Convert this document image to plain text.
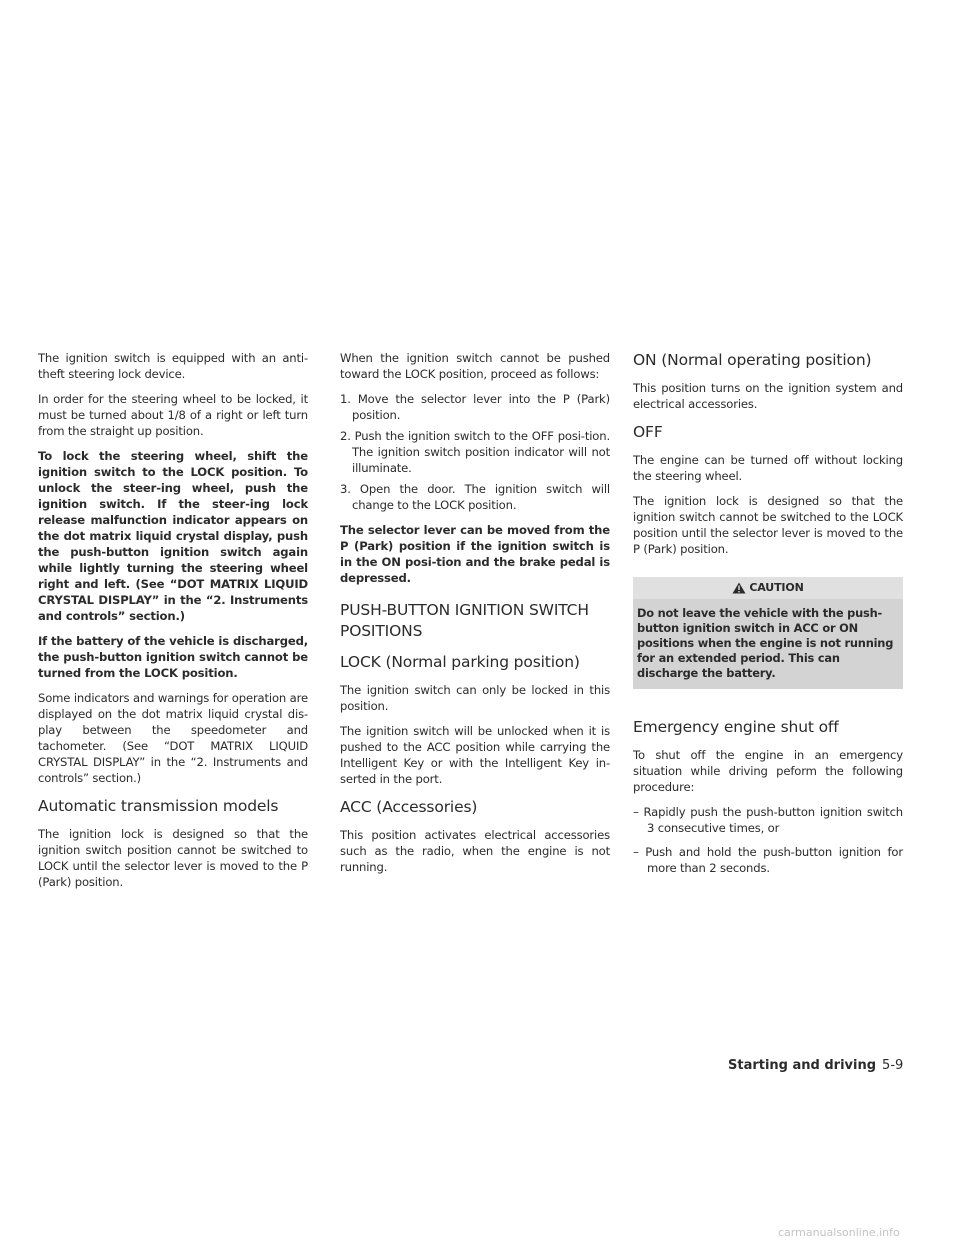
The ignition switch is equipped with an anti-theft steering lock device.

In order for the steering wheel to be locked, it must be turned about 1/8 of a right or left turn from the straight up position.

To lock the steering wheel, shift the ignition switch to the LOCK position. To unlock the steer-ing wheel, push the ignition switch. If the steer-ing lock release malfunction indicator appears on the dot matrix liquid crystal display, push the push-button ignition switch again while lightly turning the steering wheel right and left. (See “DOT MATRIX LIQUID CRYSTAL DISPLAY” in the “2. Instruments and controls” section.)

If the battery of the vehicle is discharged, the push-button ignition switch cannot be turned from the LOCK position.

Some indicators and warnings for operation are displayed on the dot matrix liquid crystal dis-play between the speedometer and tachometer. (See “DOT MATRIX LIQUID CRYSTAL DISPLAY” in the “2. Instruments and controls” section.)

Automatic transmission models

The ignition lock is designed so that the ignition switch position cannot be switched to LOCK until the selector lever is moved to the P (Park) position.

When the ignition switch cannot be pushed toward the LOCK position, proceed as follows:

1. Move the selector lever into the P (Park) position.
2. Push the ignition switch to the OFF posi-tion. The ignition switch position indicator will not illuminate.
3. Open the door. The ignition switch will change to the LOCK position.

The selector lever can be moved from the P (Park) position if the ignition switch is in the ON posi-tion and the brake pedal is depressed.

PUSH-BUTTON IGNITION SWITCH POSITIONS
LOCK (Normal parking position)

The ignition switch can only be locked in this position.

The ignition switch will be unlocked when it is pushed to the ACC position while carrying the Intelligent Key or with the Intelligent Key in-serted in the port.

ACC (Accessories)

This position activates electrical accessories such as the radio, when the engine is not running.

ON (Normal operating position)

This position turns on the ignition system and electrical accessories.

OFF

The engine can be turned off without locking the steering wheel.

The ignition lock is designed so that the ignition switch cannot be switched to the LOCK position until the selector lever is moved to the P (Park) position.

CAUTION
Do not leave the vehicle with the push-button ignition switch in ACC or ON positions when the engine is not running for an extended period. This can discharge the battery.
Emergency engine shut off

To shut off the engine in an emergency situation while driving peform the following procedure:

– Rapidly push the push-button ignition switch 3 consecutive times, or
– Push and hold the push-button ignition for more than 2 seconds.
Starting and driving 5-9
carmanualsonline.info
